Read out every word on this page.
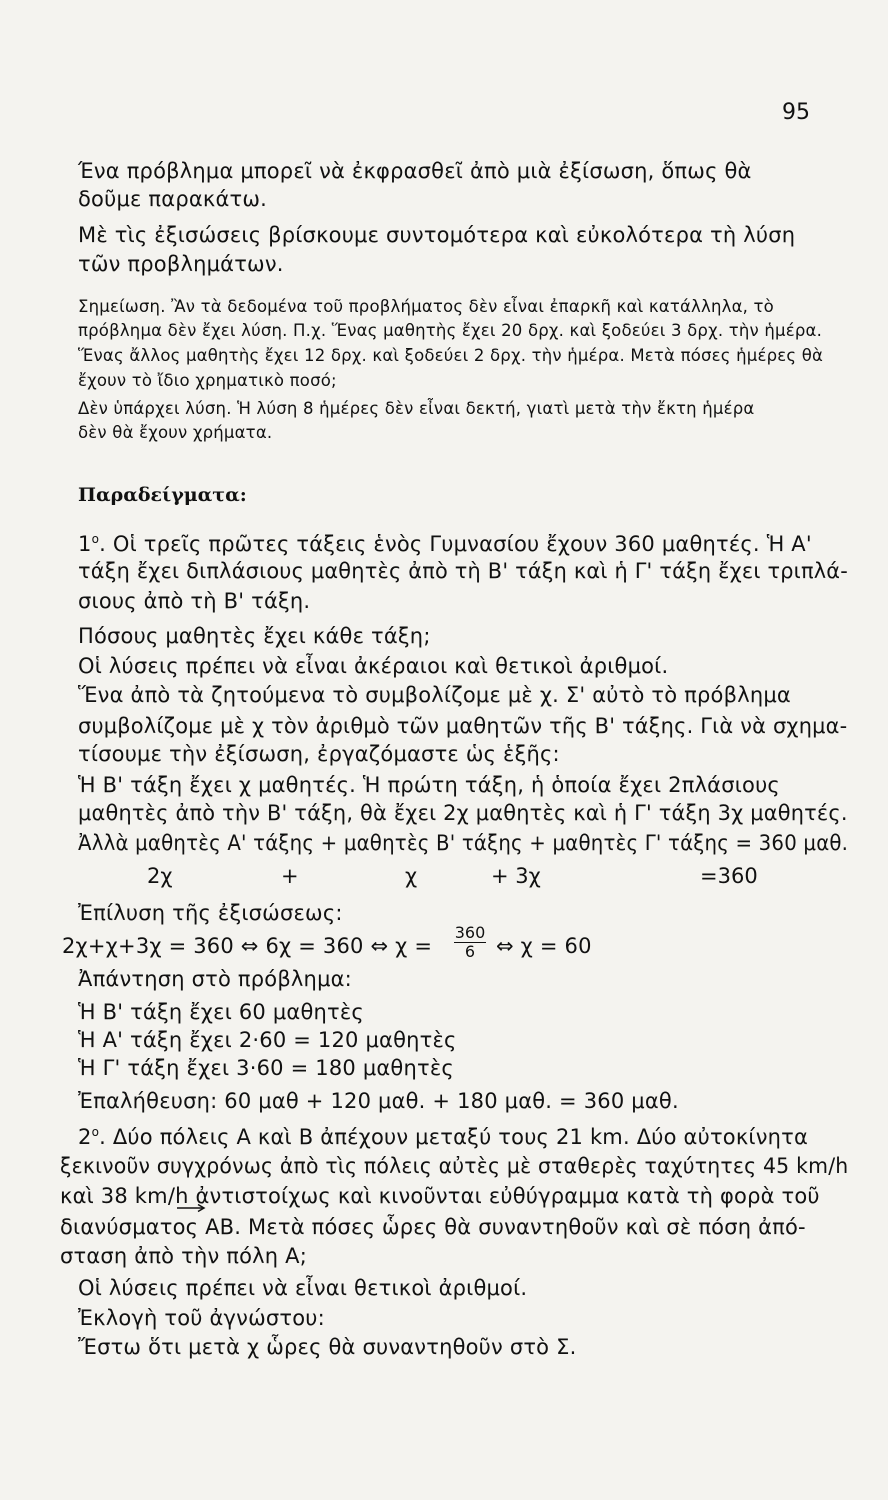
95
Ένα πρόβλημα μπορεῖ νὰ ἐκφρασθεῖ ἀπὸ μιὰ ἐξίσωση, ὅπως θὰ
δοῦμε παρακάτω.
Μὲ τὶς ἐξισώσεις βρίσκουμε συντομότερα καὶ εὐκολότερα τὴ λύση
τῶν προβλημάτων.
Σημείωση. Ἂν τὰ δεδομένα τοῦ προβλήματος δὲν εἶναι ἐπαρκῆ καὶ κατάλληλα, τὸ
πρόβλημα δὲν ἔχει λύση. Π.χ. Ἕνας μαθητὴς ἔχει 20 δρχ. καὶ ξοδεύει 3 δρχ. τὴν ἡμέρα.
Ἕνας ἄλλος μαθητὴς ἔχει 12 δρχ. καὶ ξοδεύει 2 δρχ. τὴν ἡμέρα. Μετὰ πόσες ἡμέρες θὰ
ἔχουν τὸ ἴδιο χρηματικὸ ποσό;
Δὲν ὑπάρχει λύση. Ἡ λύση 8 ἡμέρες δὲν εἶναι δεκτή, γιατὶ μετὰ τὴν ἔκτη ἡμέρα
δὲν θὰ ἔχουν χρήματα.
Παραδείγματα:
$1^o$. Οἱ τρεῖς πρῶτες τάξεις ἑνὸς Γυμνασίου ἔχουν 360 μαθητές. Ἡ Α'
τάξη ἔχει διπλάσιους μαθητὲς ἀπὸ τὴ Β' τάξη καὶ ἡ Γ' τάξη ἔχει τριπλά-
σιους ἀπὸ τὴ Β' τάξη.
Πόσους μαθητὲς ἔχει κάθε τάξη;
Οἱ λύσεις πρέπει νὰ εἶναι ἀκέραιοι καὶ θετικοὶ ἀριθμοί.
Ἕνα ἀπὸ τὰ ζητούμενα τὸ συμβολίζομε μὲ χ. Σ' αὐτὸ τὸ πρόβλημα
συμβολίζομε μὲ χ τὸν ἀριθμὸ τῶν μαθητῶν τῆς Β' τάξης. Γιὰ νὰ σχημα-
τίσουμε τὴν ἐξίσωση, ἐργαζόμαστε ὡς ἑξῆς:
Ἡ Β' τάξη ἔχει χ μαθητές. Ἡ πρώτη τάξη, ἡ ὁποία ἔχει 2πλάσιους
μαθητὲς ἀπὸ τὴν Β' τάξη, θὰ ἔχει 2χ μαθητὲς καὶ ἡ Γ' τάξη 3χ μαθητές.
Ἀλλὰ μαθητὲς Α' τάξης + μαθητὲς Β' τάξης + μαθητὲς Γ' τάξης = 360 μαθ.
2χ	+	χ	+ 3χ	=360
Ἐπίλυση τῆς ἐξισώσεως:
2χ+χ+3χ = 360 ⇔ 6χ = 360 ⇔ χ =
360
6 ⇔ χ = 60
Ἀπάντηση στὸ πρόβλημα:
Ἡ Β' τάξη ἔχει 60 μαθητὲς
Ἡ Α' τάξη ἔχει 2·60 = 120 μαθητὲς
Ἡ Γ' τάξη ἔχει 3·60 = 180 μαθητὲς
Ἐπαλήθευση: 60 μαθ + 120 μαθ. + 180 μαθ. = 360 μαθ.
$2^o$. Δύο πόλεις Α καὶ Β ἀπέχουν μεταξύ τους 21 km. Δύο αὐτοκίνητα
ξεκινοῦν συγχρόνως ἀπὸ τὶς πόλεις αὐτὲς μὲ σταθερὲς ταχύτητες 45 km/h
καὶ 38 km/h ἀντιστοίχως καὶ κινοῦνται εὐθύγραμμα κατὰ τὴ φορὰ τοῦ
διανύσματος ΑΒ. Μετὰ πόσες ὧρες θὰ συναντηθοῦν καὶ σὲ πόση ἀπό-
σταση ἀπὸ τὴν πόλη Α;
Οἱ λύσεις πρέπει νὰ εἶναι θετικοὶ ἀριθμοί.
Ἐκλογὴ τοῦ ἀγνώστου:
Ἔστω ὅτι μετὰ χ ὧρες θὰ συναντηθοῦν στὸ Σ.
